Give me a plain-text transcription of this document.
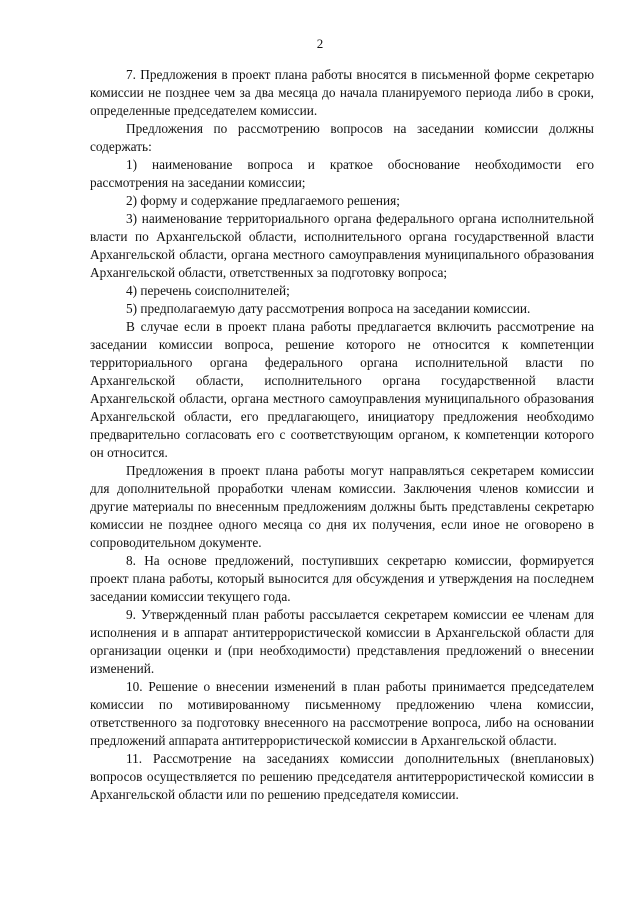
2

7. Предложения в проект плана работы вносятся в письменной форме секретарю комиссии не позднее чем за два месяца до начала планируемого периода либо в сроки, определенные председателем комиссии.

Предложения по рассмотрению вопросов на заседании комиссии должны содержать:

1) наименование вопроса и краткое обоснование необходимости его рассмотрения на заседании комиссии;

2) форму и содержание предлагаемого решения;

3) наименование территориального органа федерального органа исполнительной власти по Архангельской области, исполнительного органа государственной власти Архангельской области, органа местного самоуправления муниципального образования Архангельской области, ответственных за подготовку вопроса;

4) перечень соисполнителей;

5) предполагаемую дату рассмотрения вопроса на заседании комиссии.

В случае если в проект плана работы предлагается включить рассмотрение на заседании комиссии вопроса, решение которого не относится к компетенции территориального органа федерального органа исполнительной власти по Архангельской области, исполнительного органа государственной власти Архангельской области, органа местного самоуправления муниципального образования Архангельской области, его предлагающего, инициатору предложения необходимо предварительно согласовать его с соответствующим органом, к компетенции которого он относится.

Предложения в проект плана работы могут направляться секретарем комиссии для дополнительной проработки членам комиссии. Заключения членов комиссии и другие материалы по внесенным предложениям должны быть представлены секретарю комиссии не позднее одного месяца со дня их получения, если иное не оговорено в сопроводительном документе.

8. На основе предложений, поступивших секретарю комиссии, формируется проект плана работы, который выносится для обсуждения и утверждения на последнем заседании комиссии текущего года.

9. Утвержденный план работы рассылается секретарем комиссии ее членам для исполнения и в аппарат антитеррористической комиссии в Архангельской области для организации оценки и (при необходимости) представления предложений о внесении изменений.

10. Решение о внесении изменений в план работы принимается председателем комиссии по мотивированному письменному предложению члена комиссии, ответственного за подготовку внесенного на рассмотрение вопроса, либо на основании предложений аппарата антитеррористической комиссии в Архангельской области.

11. Рассмотрение на заседаниях комиссии дополнительных (внеплановых) вопросов осуществляется по решению председателя антитеррористической комиссии в Архангельской области или по решению председателя комиссии.
